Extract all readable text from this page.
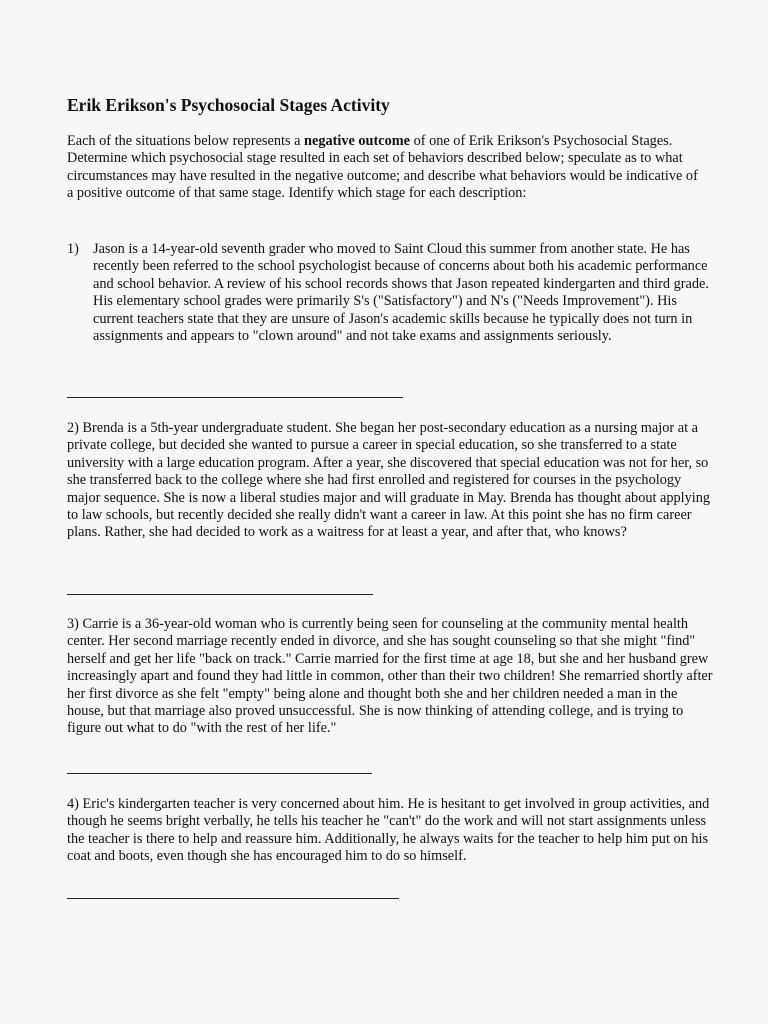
Erik Erikson's Psychosocial Stages Activity

Each of the situations below represents a negative outcome of one of Erik Erikson's Psychosocial Stages. Determine which psychosocial stage resulted in each set of behaviors described below; speculate as to what circumstances may have resulted in the negative outcome; and describe what behaviors would be indicative of a positive outcome of that same stage. Identify which stage for each description:

1) Jason is a 14-year-old seventh grader who moved to Saint Cloud this summer from another state. He has recently been referred to the school psychologist because of concerns about both his academic performance and school behavior. A review of his school records shows that Jason repeated kindergarten and third grade. His elementary school grades were primarily S's ("Satisfactory") and N's ("Needs Improvement"). His current teachers state that they are unsure of Jason's academic skills because he typically does not turn in assignments and appears to "clown around" and not take exams and assignments seriously.

2) Brenda is a 5th-year undergraduate student. She began her post-secondary education as a nursing major at a private college, but decided she wanted to pursue a career in special education, so she transferred to a state university with a large education program. After a year, she discovered that special education was not for her, so she transferred back to the college where she had first enrolled and registered for courses in the psychology major sequence. She is now a liberal studies major and will graduate in May. Brenda has thought about applying to law schools, but recently decided she really didn't want a career in law. At this point she has no firm career plans. Rather, she had decided to work as a waitress for at least a year, and after that, who knows?

3) Carrie is a 36-year-old woman who is currently being seen for counseling at the community mental health center. Her second marriage recently ended in divorce, and she has sought counseling so that she might "find" herself and get her life "back on track." Carrie married for the first time at age 18, but she and her husband grew increasingly apart and found they had little in common, other than their two children! She remarried shortly after her first divorce as she felt "empty" being alone and thought both she and her children needed a man in the house, but that marriage also proved unsuccessful. She is now thinking of attending college, and is trying to figure out what to do "with the rest of her life."

4) Eric's kindergarten teacher is very concerned about him. He is hesitant to get involved in group activities, and though he seems bright verbally, he tells his teacher he "can't" do the work and will not start assignments unless the teacher is there to help and reassure him. Additionally, he always waits for the teacher to help him put on his coat and boots, even though she has encouraged him to do so himself.
